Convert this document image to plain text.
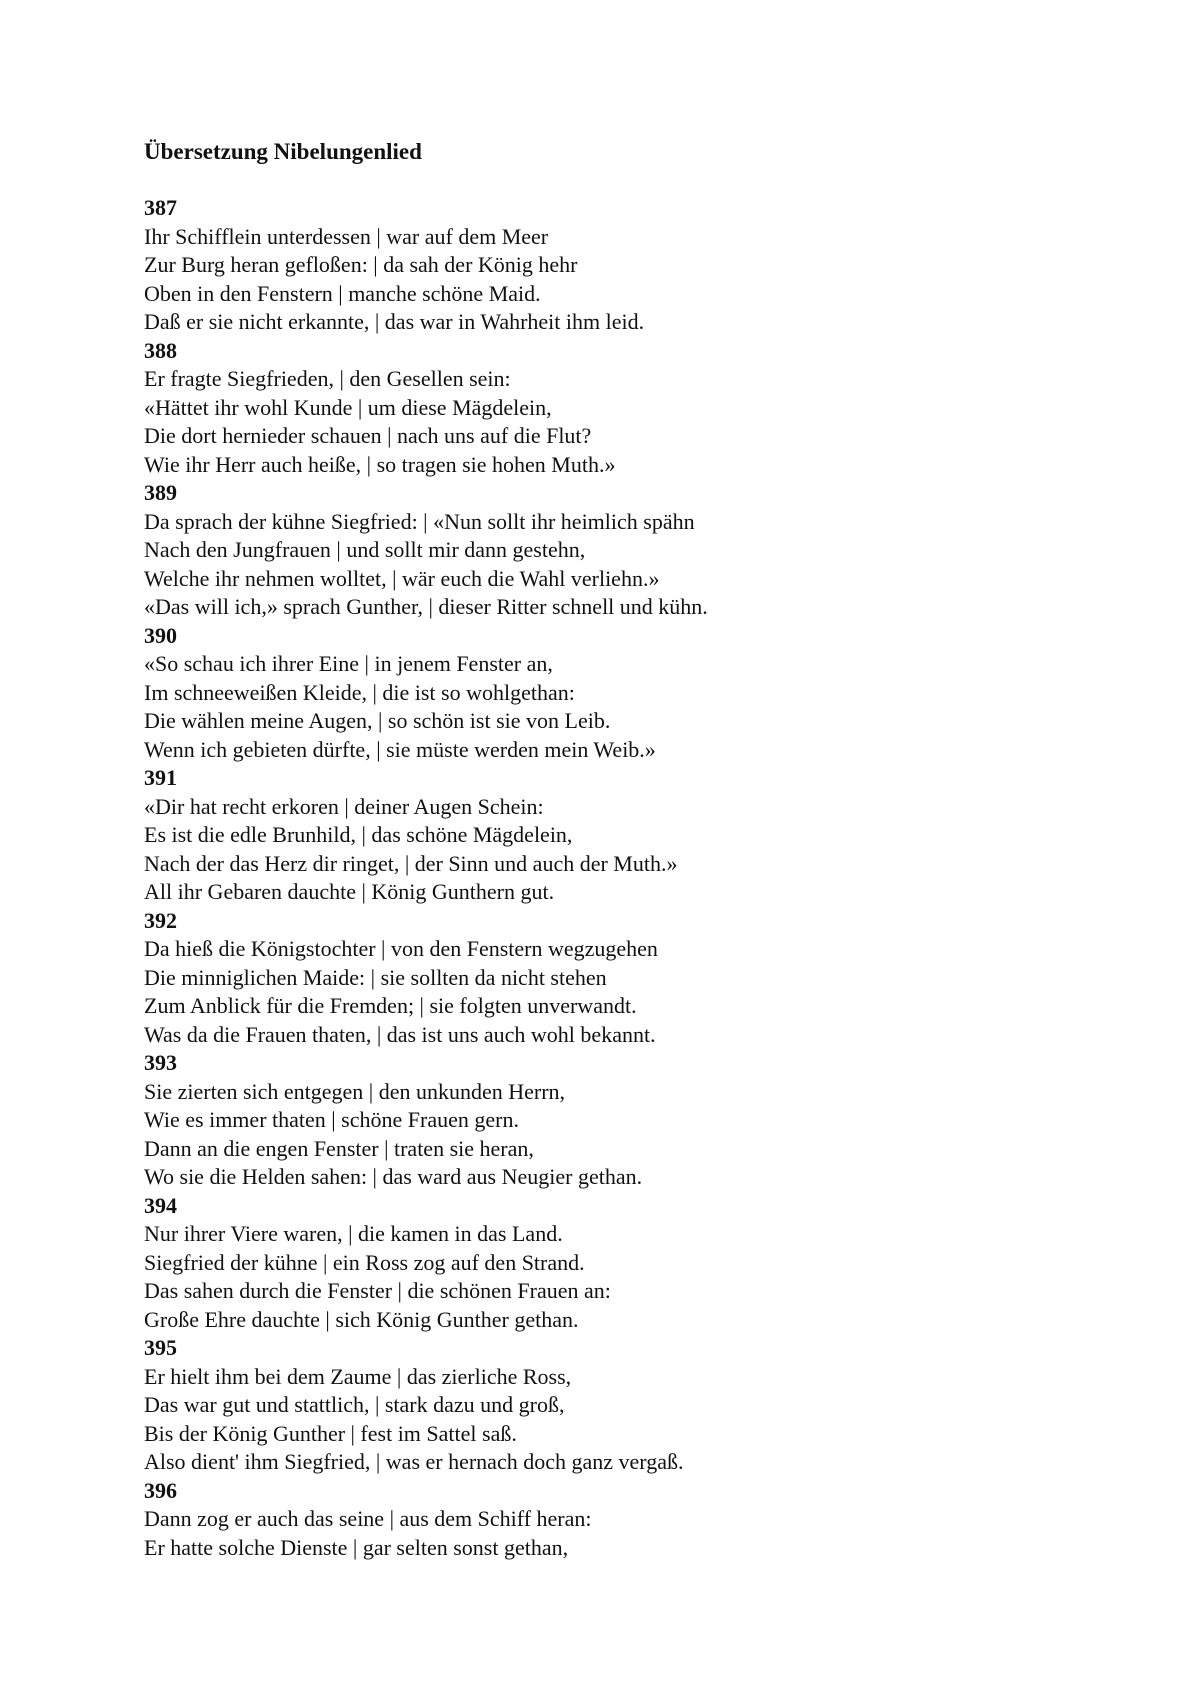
Übersetzung Nibelungenlied
387
Ihr Schifflein unterdessen | war auf dem Meer
Zur Burg heran gefloßen: | da sah der König hehr
Oben in den Fenstern | manche schöne Maid.
Daß er sie nicht erkannte, | das war in Wahrheit ihm leid.
388
Er fragte Siegfrieden, | den Gesellen sein:
«Hättet ihr wohl Kunde | um diese Mägdelein,
Die dort hernieder schauen | nach uns auf die Flut?
Wie ihr Herr auch heiße, | so tragen sie hohen Muth.»
389
Da sprach der kühne Siegfried: | «Nun sollt ihr heimlich spähn
Nach den Jungfrauen | und sollt mir dann gestehn,
Welche ihr nehmen wolltet, | wär euch die Wahl verliehn.»
«Das will ich,» sprach Gunther, | dieser Ritter schnell und kühn.
390
«So schau ich ihrer Eine | in jenem Fenster an,
Im schneeweißen Kleide, | die ist so wohlgethan:
Die wählen meine Augen, | so schön ist sie von Leib.
Wenn ich gebieten dürfte, | sie müste werden mein Weib.»
391
«Dir hat recht erkoren | deiner Augen Schein:
Es ist die edle Brunhild, | das schöne Mägdelein,
Nach der das Herz dir ringet, | der Sinn und auch der Muth.»
All ihr Gebaren dauchte | König Gunthern gut.
392
Da hieß die Königstochter | von den Fenstern wegzugehen
Die minniglichen Maide: | sie sollten da nicht stehen
Zum Anblick für die Fremden; | sie folgten unverwandt.
Was da die Frauen thaten, | das ist uns auch wohl bekannt.
393
Sie zierten sich entgegen | den unkunden Herrn,
Wie es immer thaten | schöne Frauen gern.
Dann an die engen Fenster | traten sie heran,
Wo sie die Helden sahen: | das ward aus Neugier gethan.
394
Nur ihrer Viere waren, | die kamen in das Land.
Siegfried der kühne | ein Ross zog auf den Strand.
Das sahen durch die Fenster | die schönen Frauen an:
Große Ehre dauchte | sich König Gunther gethan.
395
Er hielt ihm bei dem Zaume | das zierliche Ross,
Das war gut und stattlich, | stark dazu und groß,
Bis der König Gunther | fest im Sattel saß.
Also dient' ihm Siegfried, | was er hernach doch ganz vergaß.
396
Dann zog er auch das seine | aus dem Schiff heran:
Er hatte solche Dienste | gar selten sonst gethan,
